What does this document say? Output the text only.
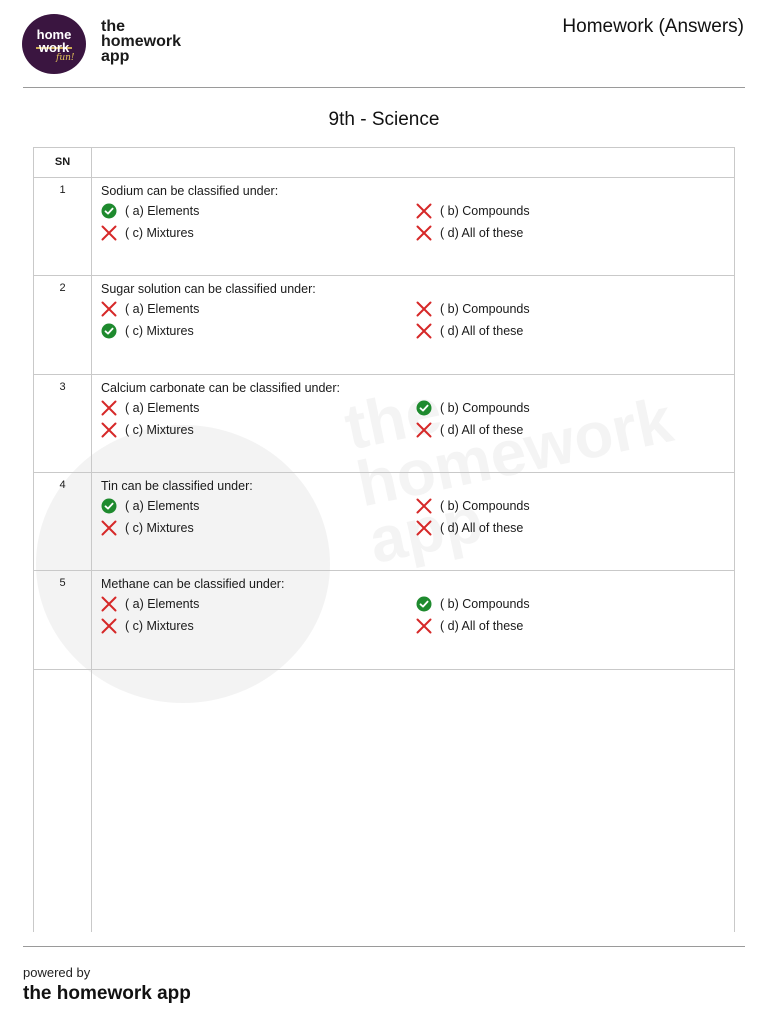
home
work
fun!
the
homework
app
Homework (Answers)
9th - Science
SN
1	Sodium can be classified under:
( a) Elements	( b) Compounds
( c) Mixtures	( d) All of these
2	Sugar solution can be classified under:
( a) Elements	( b) Compounds
( c) Mixtures	( d) All of these
3	Calcium carbonate can be classified under:
( a) Elements	( b) Compounds
( c) Mixtures	( d) All of these
4	Tin can be classified under:
( a) Elements	( b) Compounds
( c) Mixtures	( d) All of these
5	Methane can be classified under:
( a) Elements	( b) Compounds
( c) Mixtures	( d) All of these
powered by
the homework app
